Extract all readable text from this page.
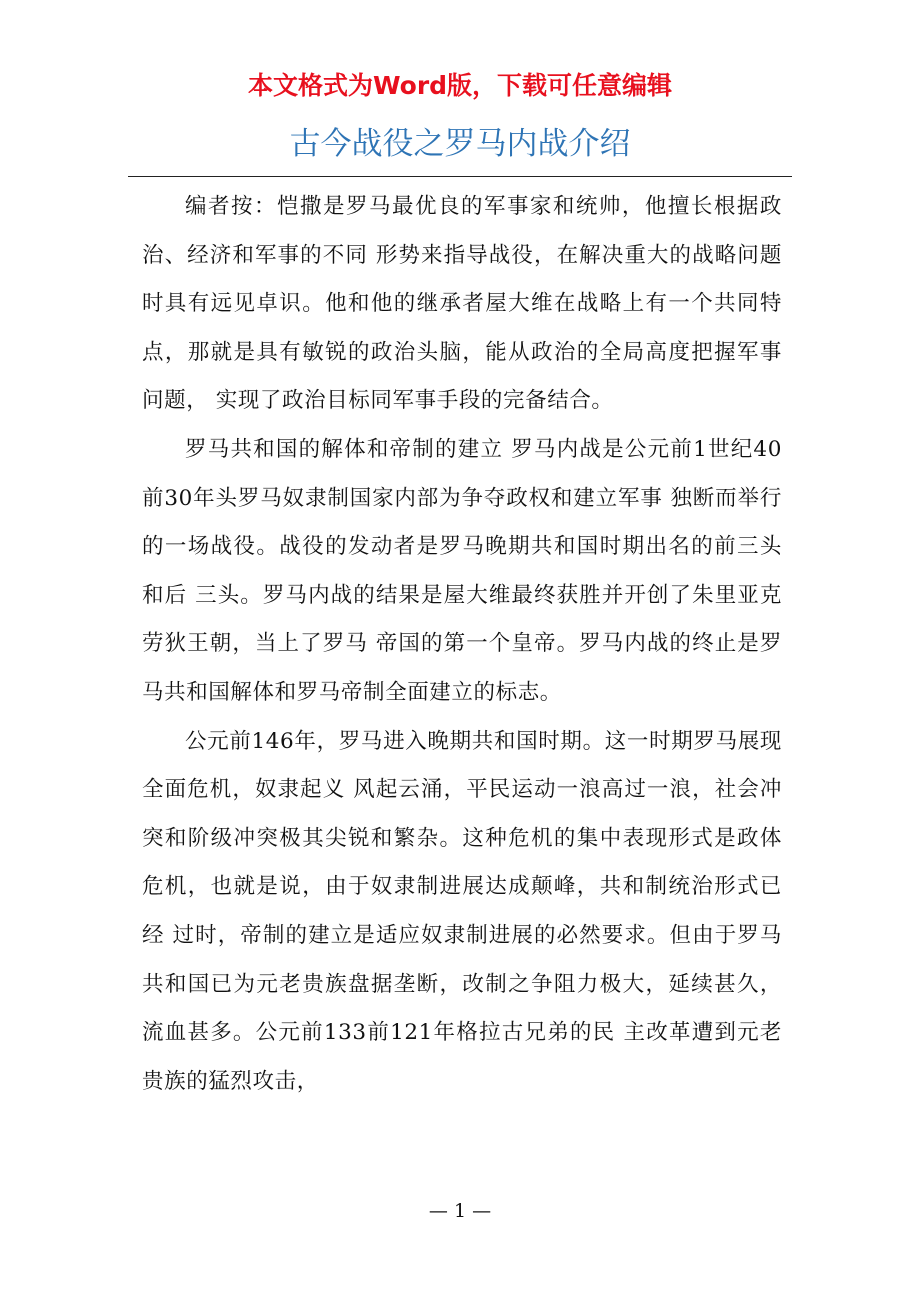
本文格式为Word版，下载可任意编辑
古今战役之罗马内战介绍

编者按：恺撒是罗马最优良的军事家和统帅，他擅长根据政治、经济和军事的不同 形势来指导战役，在解决重大的战略问题时具有远见卓识。他和他的继承者屋大维在战略上有一个共同特点，那就是具有敏锐的政治头脑，能从政治的全局高度把握军事问题， 实现了政治目标同军事手段的完备结合。

罗马共和国的解体和帝制的建立 罗马内战是公元前1世纪40前30年头罗马奴隶制国家内部为争夺政权和建立军事 独断而举行的一场战役。战役的发动者是罗马晚期共和国时期出名的前三头和后 三头。罗马内战的结果是屋大维最终获胜并开创了朱里亚克劳狄王朝，当上了罗马 帝国的第一个皇帝。罗马内战的终止是罗马共和国解体和罗马帝制全面建立的标志。

公元前146年，罗马进入晚期共和国时期。这一时期罗马展现全面危机，奴隶起义 风起云涌，平民运动一浪高过一浪，社会冲突和阶级冲突极其尖锐和繁杂。这种危机的集中表现形式是政体危机，也就是说，由于奴隶制进展达成颠峰，共和制统治形式已经 过时，帝制的建立是适应奴隶制进展的必然要求。但由于罗马共和国已为元老贵族盘据垄断，改制之争阻力极大，延续甚久，流血甚多。公元前133前121年格拉古兄弟的民 主改革遭到元老贵族的猛烈攻击，

— 1 —
